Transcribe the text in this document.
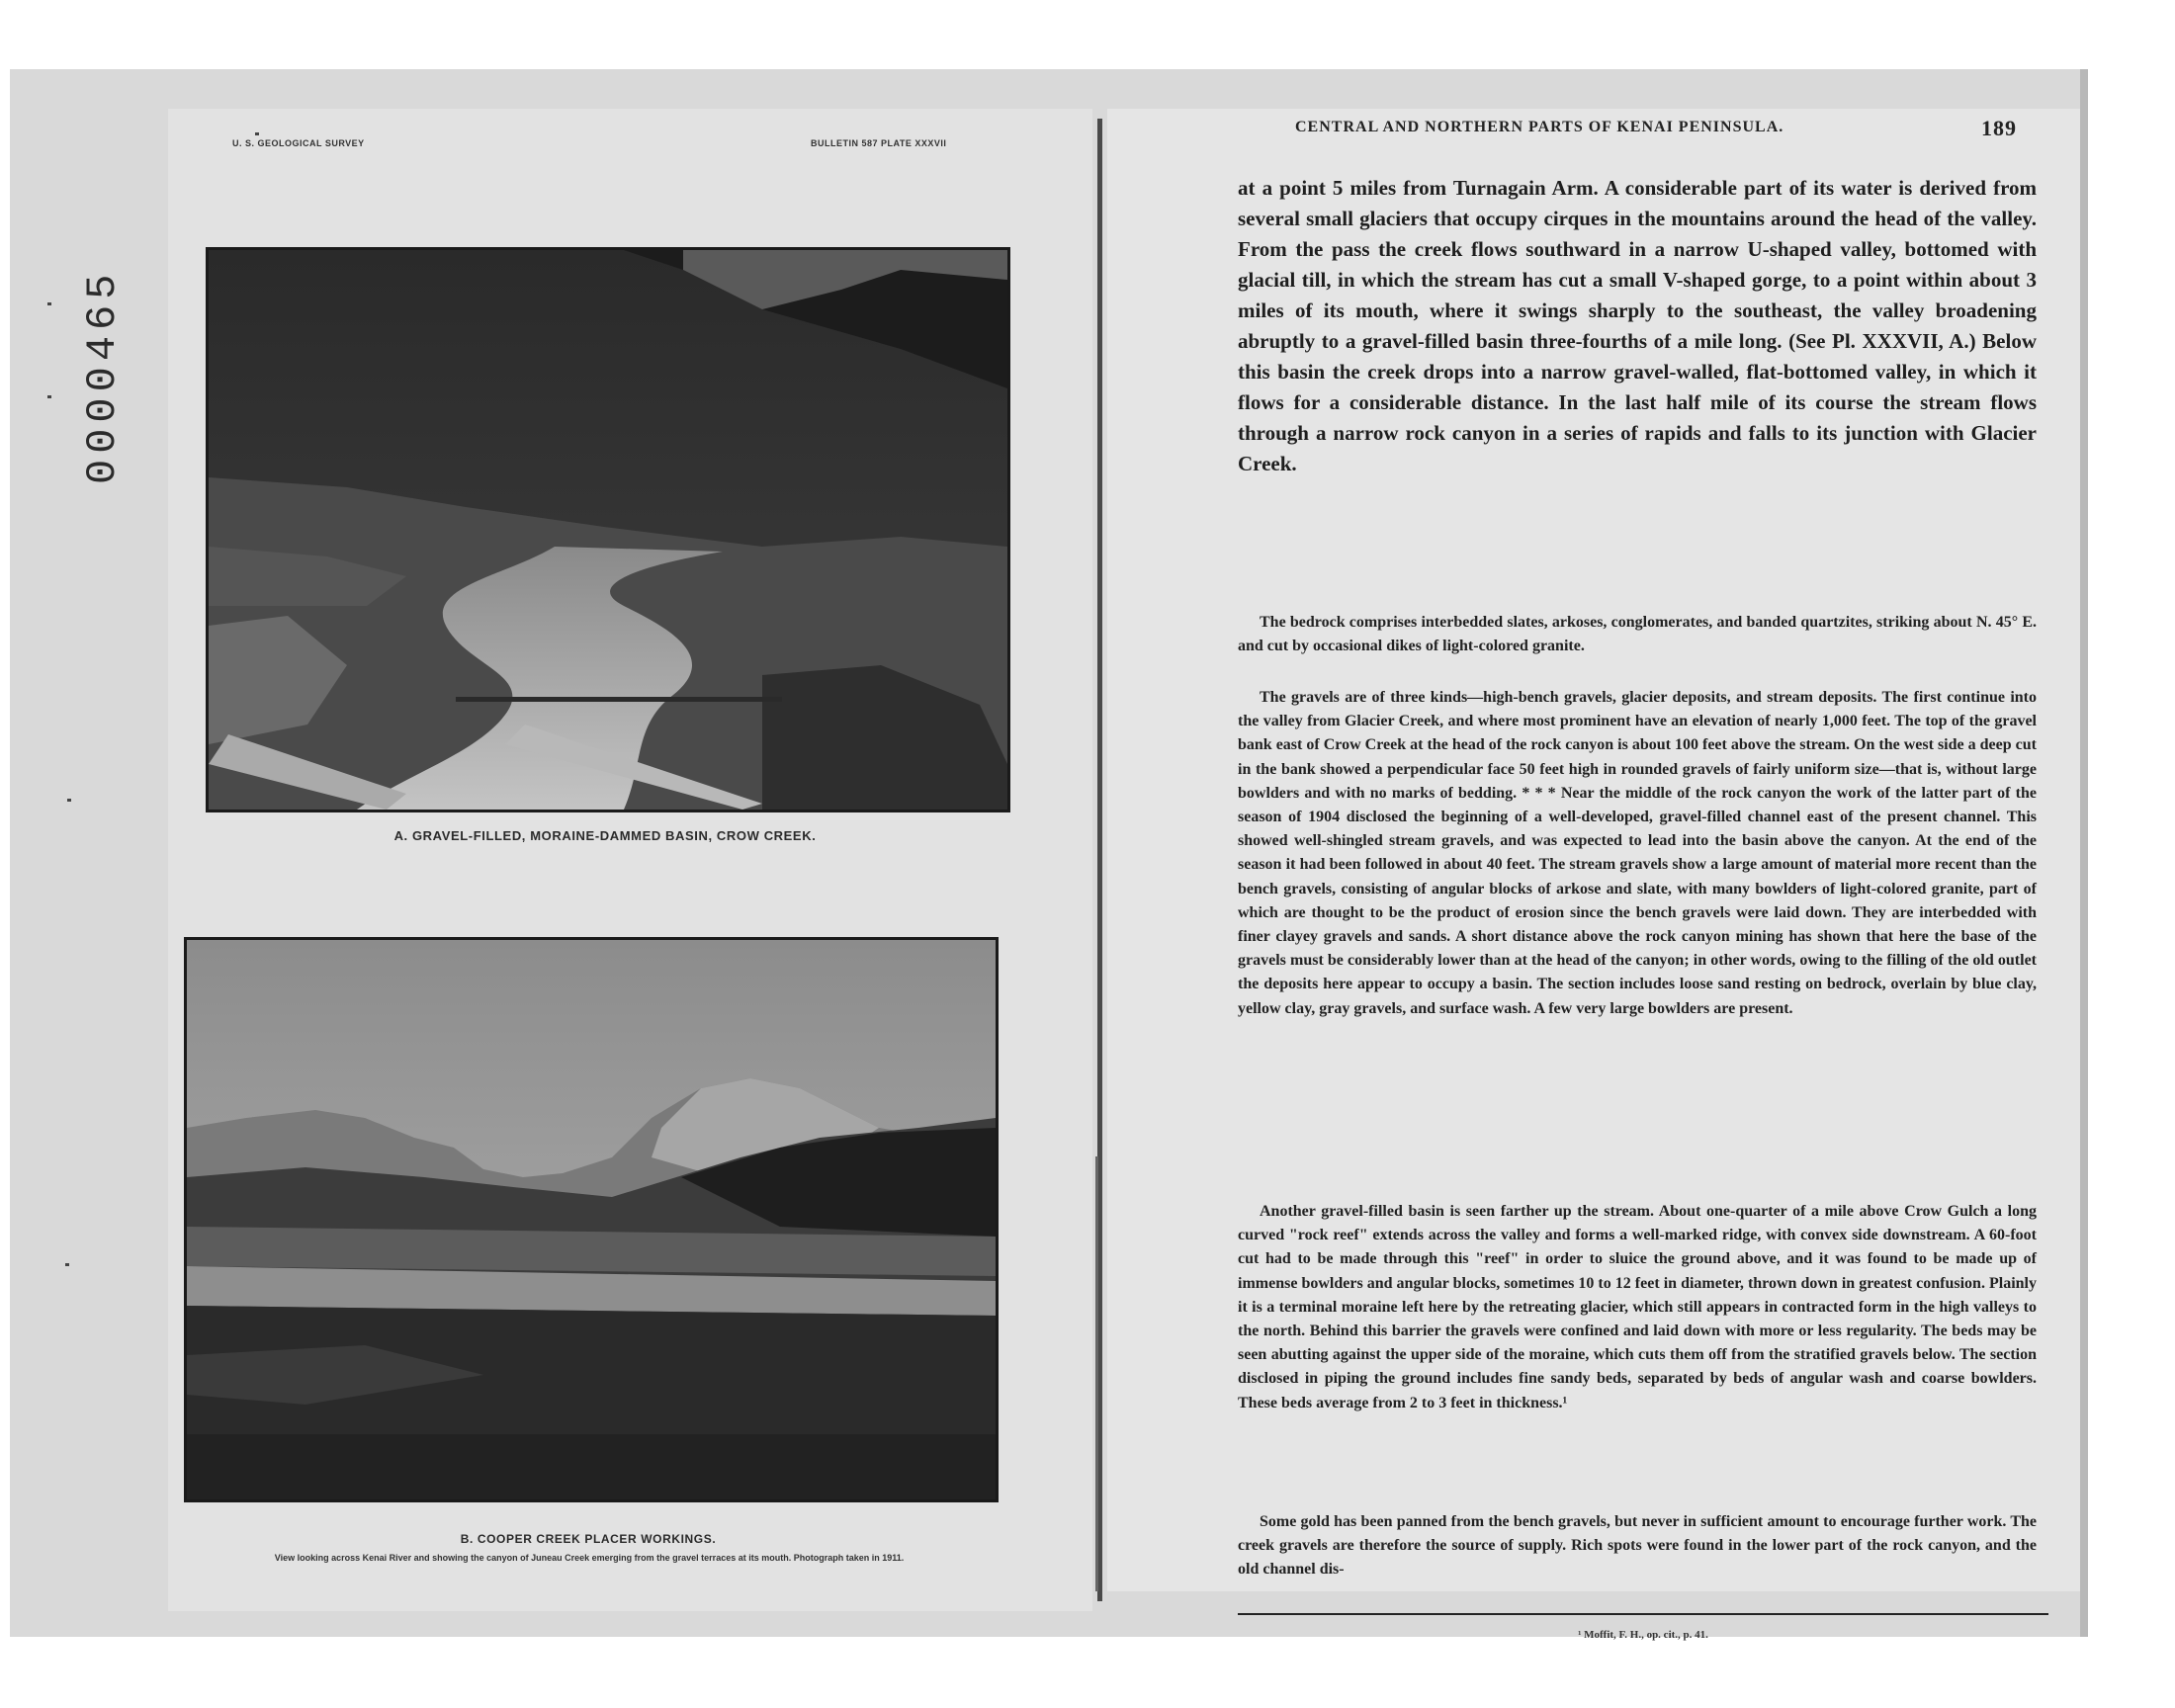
0000465
U. S. GEOLOGICAL SURVEY	BULLETIN 587 PLATE XXXVII
A. GRAVEL-FILLED, MORAINE-DAMMED BASIN, CROW CREEK.
B. COOPER CREEK PLACER WORKINGS.
View looking across Kenai River and showing the canyon of Juneau Creek emerging from the gravel terraces at its mouth. Photograph taken in 1911.
CENTRAL AND NORTHERN PARTS OF KENAI PENINSULA.	189
at a point 5 miles from Turnagain Arm. A considerable part of its water is derived from several small glaciers that occupy cirques in the mountains around the head of the valley. From the pass the creek flows southward in a narrow U-shaped valley, bottomed with glacial till, in which the stream has cut a small V-shaped gorge, to a point within about 3 miles of its mouth, where it swings sharply to the southeast, the valley broadening abruptly to a gravel-filled basin three-fourths of a mile long. (See Pl. XXXVII, A.) Below this basin the creek drops into a narrow gravel-walled, flat-bottomed valley, in which it flows for a considerable distance. In the last half mile of its course the stream flows through a narrow rock canyon in a series of rapids and falls to its junction with Glacier Creek.
The bedrock comprises interbedded slates, arkoses, conglomerates, and banded quartzites, striking about N. 45° E. and cut by occasional dikes of light-colored granite.
The gravels are of three kinds—high-bench gravels, glacier deposits, and stream deposits. The first continue into the valley from Glacier Creek, and where most prominent have an elevation of nearly 1,000 feet. The top of the gravel bank east of Crow Creek at the head of the rock canyon is about 100 feet above the stream. On the west side a deep cut in the bank showed a perpendicular face 50 feet high in rounded gravels of fairly uniform size—that is, without large bowlders and with no marks of bedding. * * * Near the middle of the rock canyon the work of the latter part of the season of 1904 disclosed the beginning of a well-developed, gravel-filled channel east of the present channel. This showed well-shingled stream gravels, and was expected to lead into the basin above the canyon. At the end of the season it had been followed in about 40 feet. The stream gravels show a large amount of material more recent than the bench gravels, consisting of angular blocks of arkose and slate, with many bowlders of light-colored granite, part of which are thought to be the product of erosion since the bench gravels were laid down. They are interbedded with finer clayey gravels and sands. A short distance above the rock canyon mining has shown that here the base of the gravels must be considerably lower than at the head of the canyon; in other words, owing to the filling of the old outlet the deposits here appear to occupy a basin. The section includes loose sand resting on bedrock, overlain by blue clay, yellow clay, gray gravels, and surface wash. A few very large bowlders are present.
Another gravel-filled basin is seen farther up the stream. About one-quarter of a mile above Crow Gulch a long curved "rock reef" extends across the valley and forms a well-marked ridge, with convex side downstream. A 60-foot cut had to be made through this "reef" in order to sluice the ground above, and it was found to be made up of immense bowlders and angular blocks, sometimes 10 to 12 feet in diameter, thrown down in greatest confusion. Plainly it is a terminal moraine left here by the retreating glacier, which still appears in contracted form in the high valleys to the north. Behind this barrier the gravels were confined and laid down with more or less regularity. The beds may be seen abutting against the upper side of the moraine, which cuts them off from the stratified gravels below. The section disclosed in piping the ground includes fine sandy beds, separated by beds of angular wash and coarse bowlders. These beds average from 2 to 3 feet in thickness.¹
Some gold has been panned from the bench gravels, but never in sufficient amount to encourage further work. The creek gravels are therefore the source of supply. Rich spots were found in the lower part of the rock canyon, and the old channel dis-
¹ Moffit, F. H., op. cit., p. 41.
